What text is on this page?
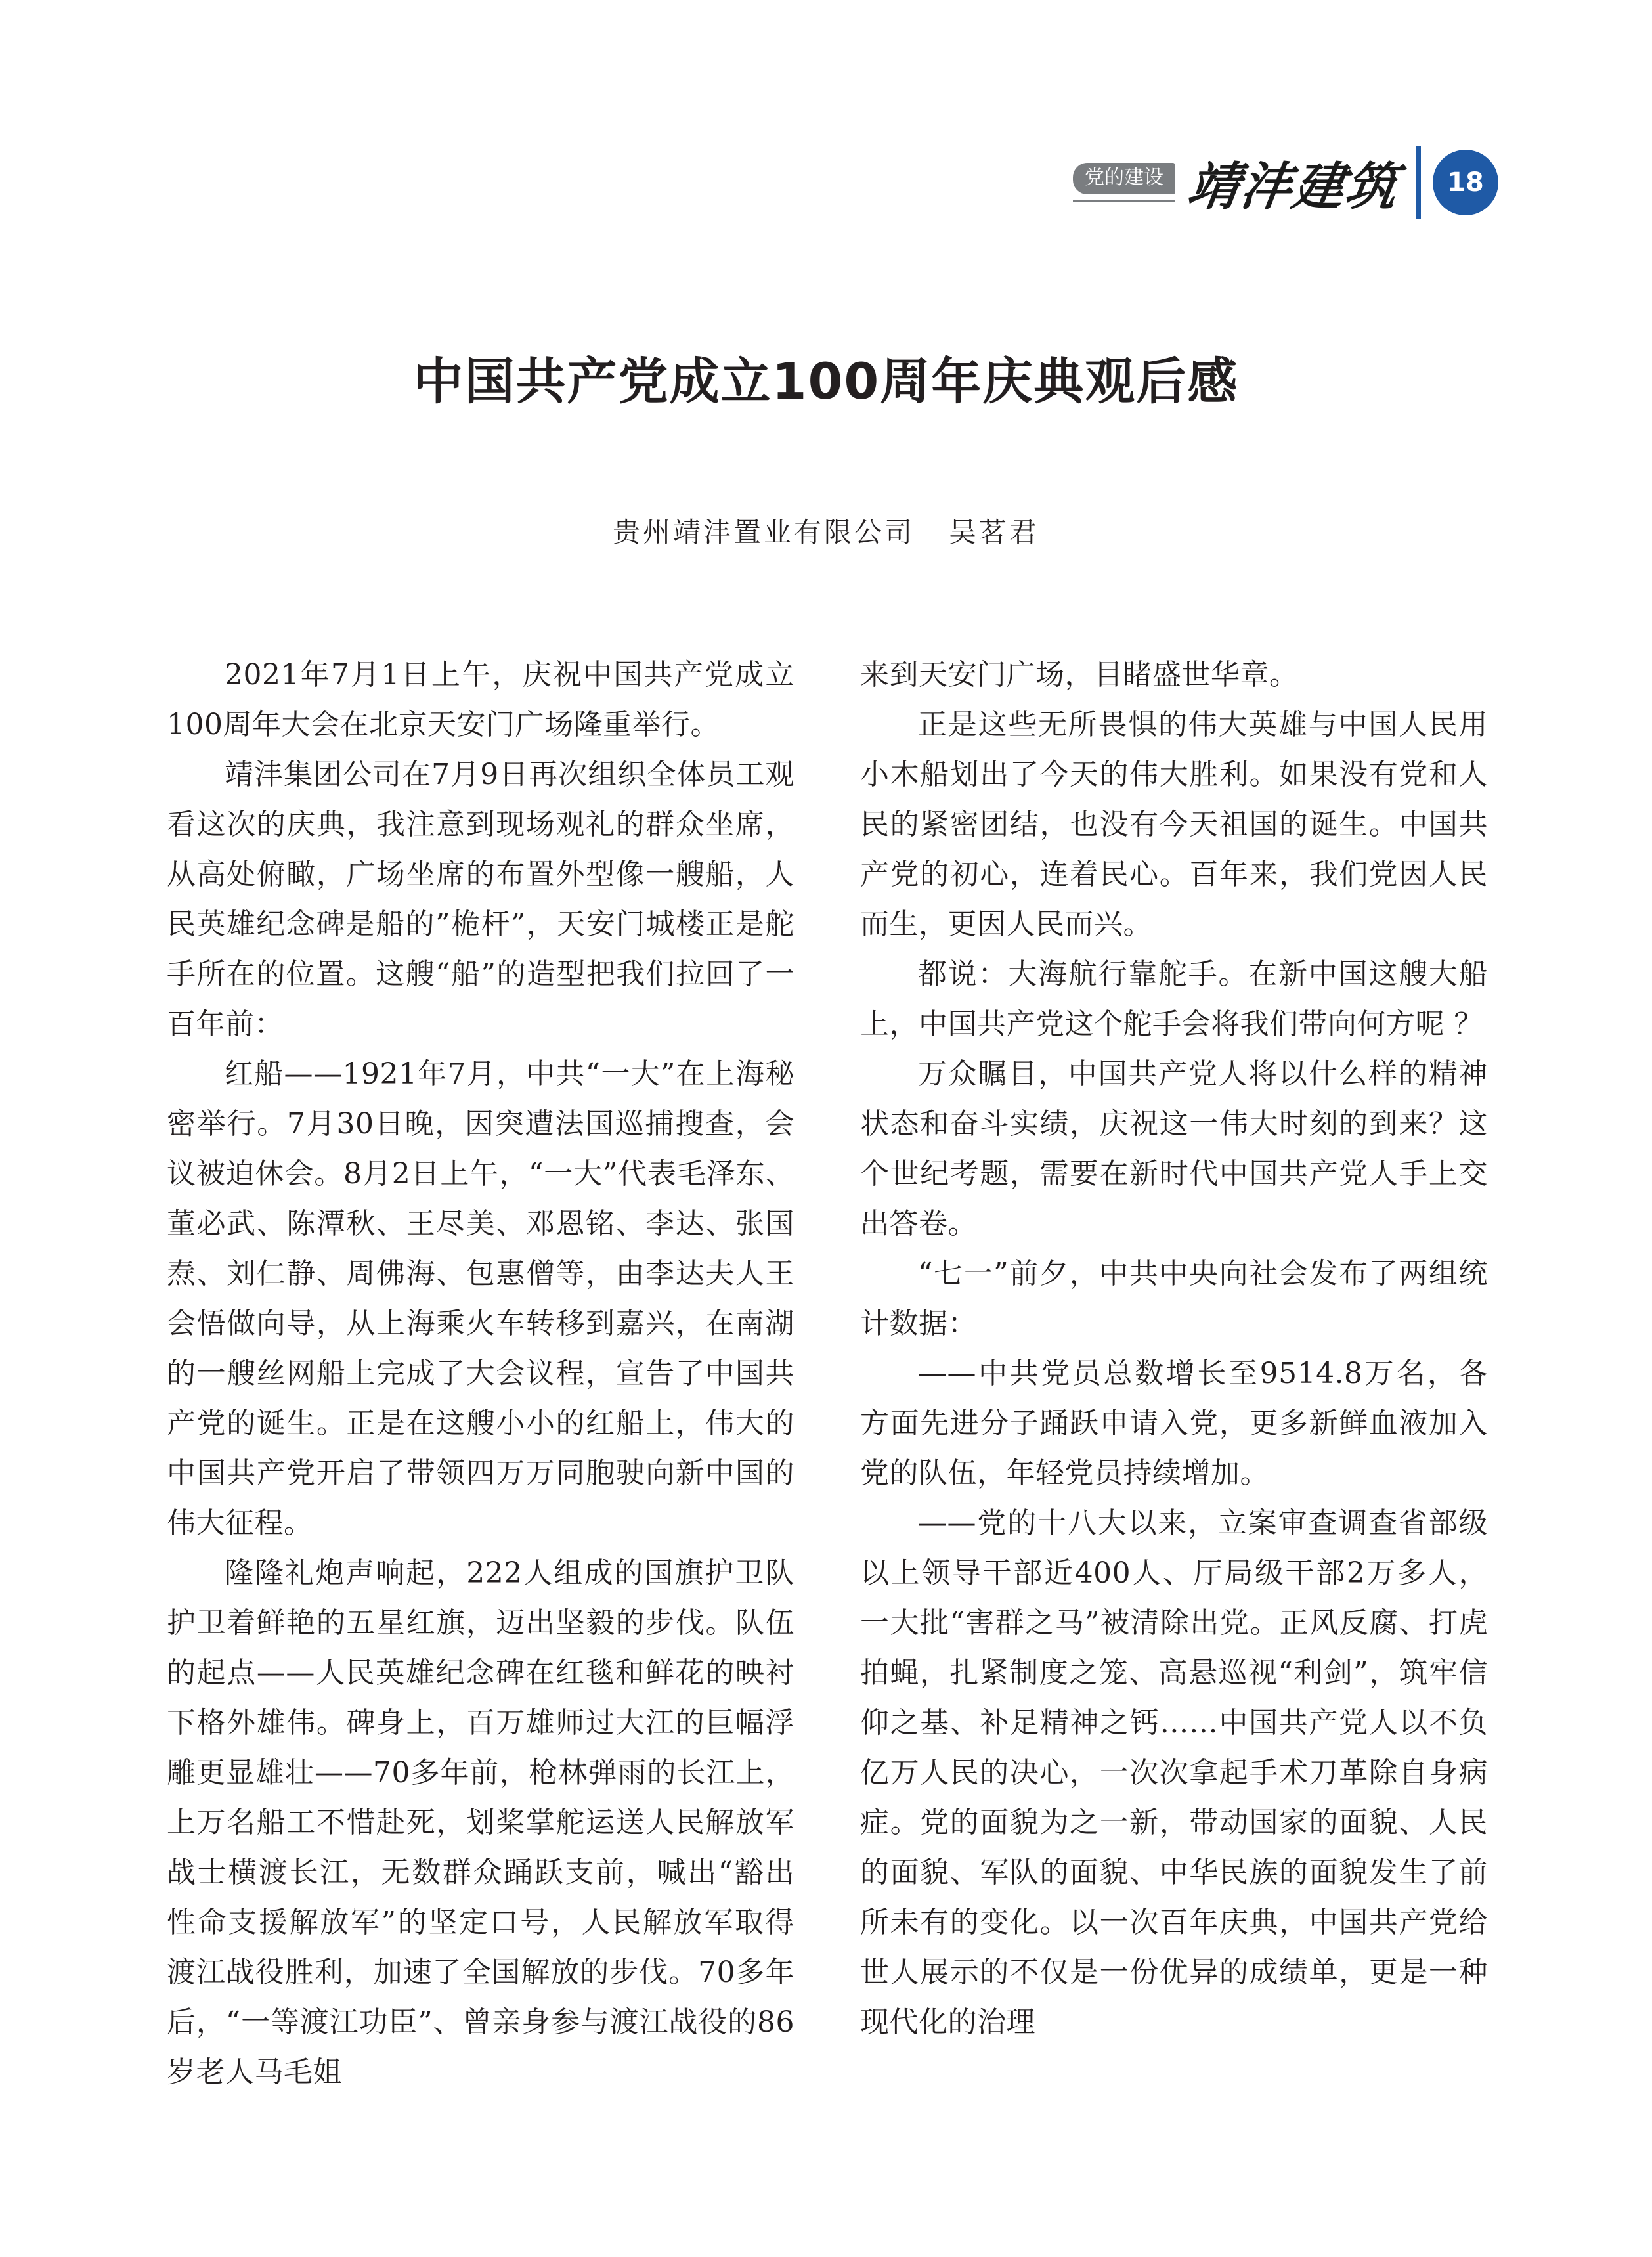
党的建设 靖沣建筑	18
中国共产党成立100周年庆典观后感
贵州靖沣置业有限公司 吴茗君

2021年7月1日上午，庆祝中国共产党成立100周年大会在北京天安门广场隆重举行。

靖沣集团公司在7月9日再次组织全体员工观看这次的庆典，我注意到现场观礼的群众坐席，从高处俯瞰，广场坐席的布置外型像一艘船，人民英雄纪念碑是船的”桅杆”，天安门城楼正是舵手所在的位置。这艘“船”的造型把我们拉回了一百年前：

红船——1921年7月，中共“一大”在上海秘密举行。7月30日晚，因突遭法国巡捕搜查，会议被迫休会。8月2日上午，“一大”代表毛泽东、董必武、陈潭秋、王尽美、邓恩铭、李达、张国焘、刘仁静、周佛海、包惠僧等，由李达夫人王会悟做向导，从上海乘火车转移到嘉兴，在南湖的一艘丝网船上完成了大会议程，宣告了中国共产党的诞生。正是在这艘小小的红船上，伟大的中国共产党开启了带领四万万同胞驶向新中国的伟大征程。

隆隆礼炮声响起，222人组成的国旗护卫队护卫着鲜艳的五星红旗，迈出坚毅的步伐。队伍的起点——人民英雄纪念碑在红毯和鲜花的映衬下格外雄伟。碑身上，百万雄师过大江的巨幅浮雕更显雄壮——70多年前，枪林弹雨的长江上，上万名船工不惜赴死，划桨掌舵运送人民解放军战士横渡长江，无数群众踊跃支前，喊出“豁出性命支援解放军”的坚定口号，人民解放军取得渡江战役胜利，加速了全国解放的步伐。70多年后，“一等渡江功臣”、曾亲身参与渡江战役的86岁老人马毛姐

来到天安门广场，目睹盛世华章。

正是这些无所畏惧的伟大英雄与中国人民用小木船划出了今天的伟大胜利。如果没有党和人民的紧密团结，也没有今天祖国的诞生。中国共产党的初心，连着民心。百年来，我们党因人民而生，更因人民而兴。

都说：大海航行靠舵手。在新中国这艘大船上，中国共产党这个舵手会将我们带向何方呢 ？

万众瞩目，中国共产党人将以什么样的精神状态和奋斗实绩，庆祝这一伟大时刻的到来？这个世纪考题，需要在新时代中国共产党人手上交出答卷。

“七一”前夕，中共中央向社会发布了两组统计数据：

——中共党员总数增长至9514.8万名，各方面先进分子踊跃申请入党，更多新鲜血液加入党的队伍，年轻党员持续增加。

——党的十八大以来，立案审查调查省部级以上领导干部近400人、厅局级干部2万多人，一大批“害群之马”被清除出党。正风反腐、打虎拍蝇，扎紧制度之笼、高悬巡视“利剑”，筑牢信仰之基、补足精神之钙……中国共产党人以不负亿万人民的决心，一次次拿起手术刀革除自身病症。党的面貌为之一新，带动国家的面貌、人民的面貌、军队的面貌、中华民族的面貌发生了前所未有的变化。以一次百年庆典，中国共产党给世人展示的不仅是一份优异的成绩单，更是一种现代化的治理
